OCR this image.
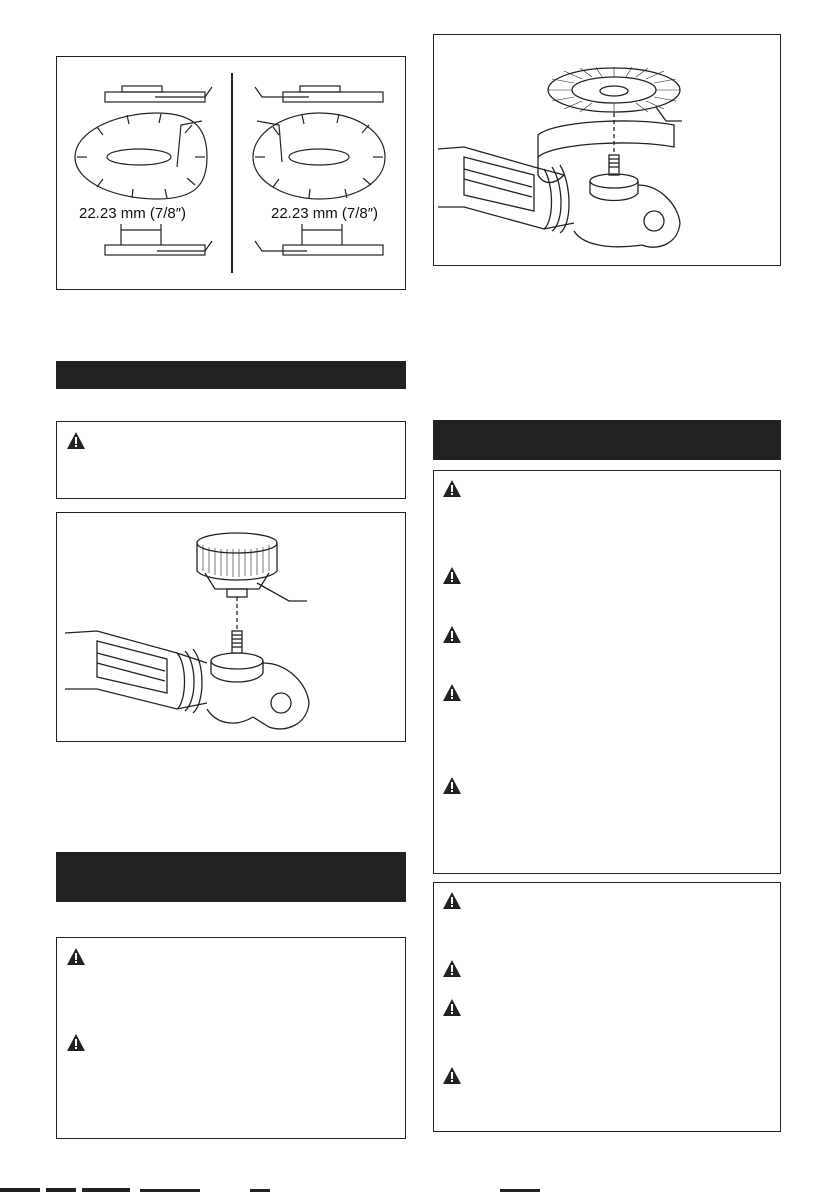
22.23 mm (7/8″)	22.23 mm (7/8″)
